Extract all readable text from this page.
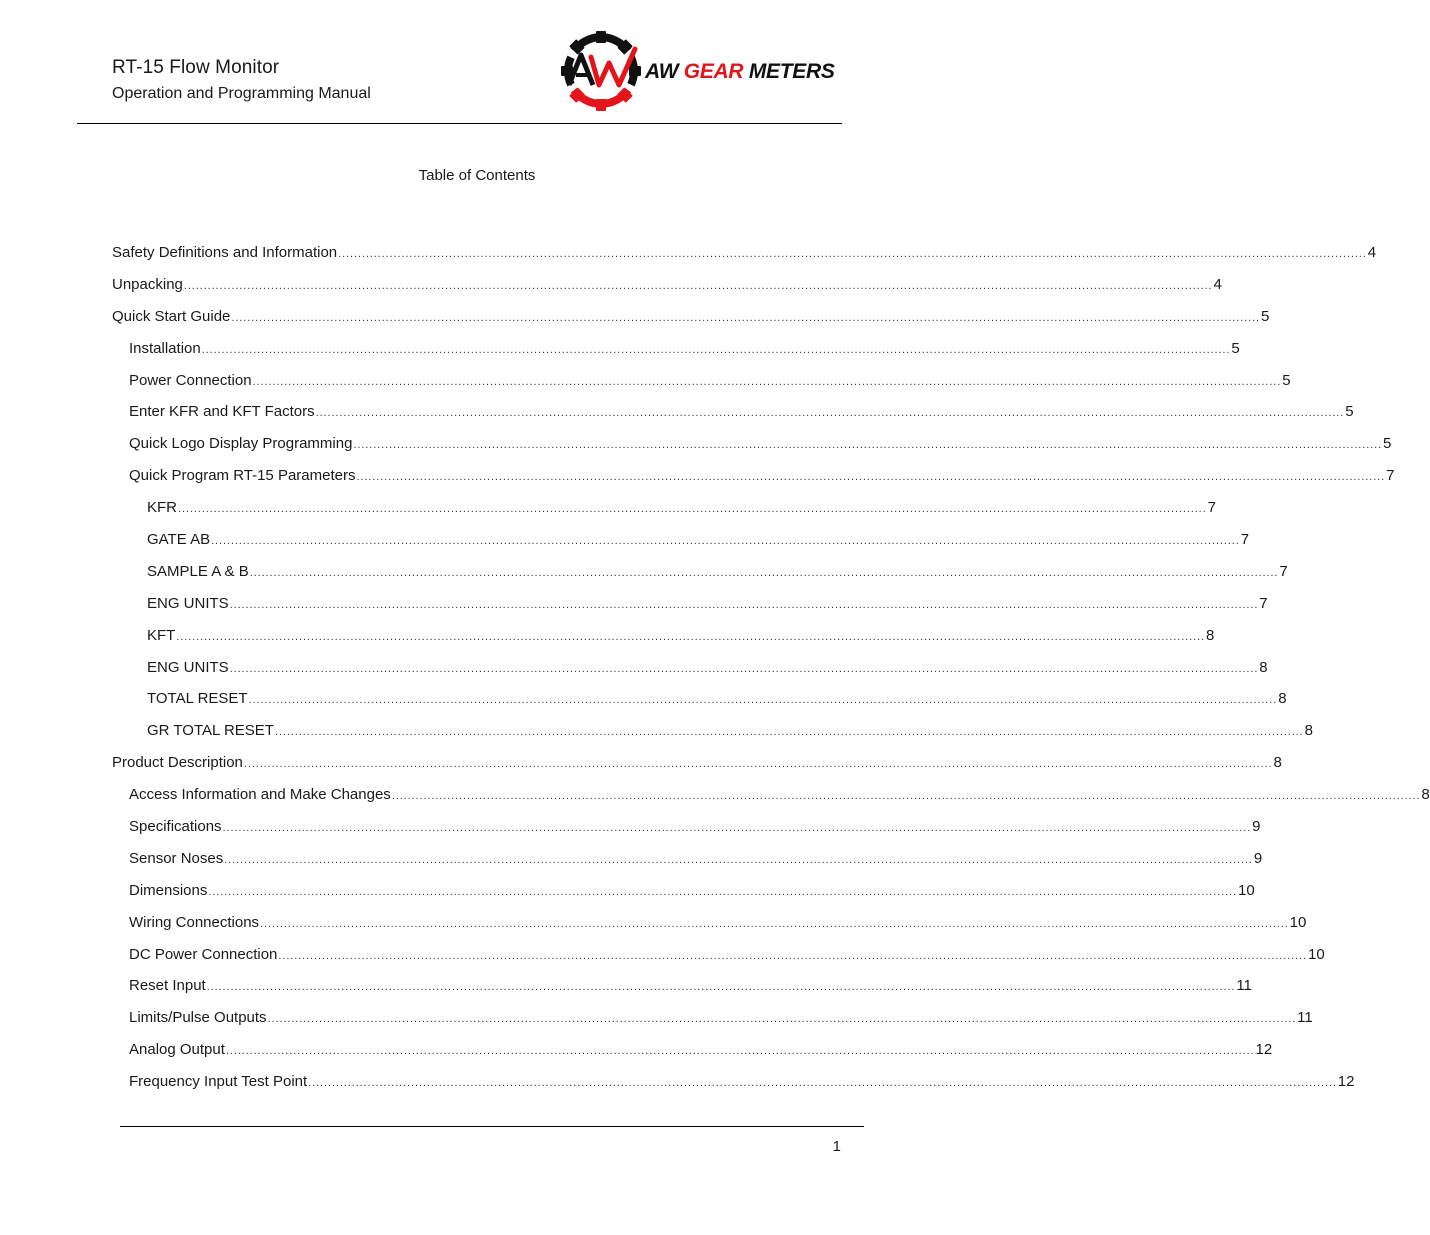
RT-15 Flow Monitor
Operation and Programming Manual
AW GEAR METERS
Table of Contents
Safety Definitions and Information .................................................................................................................................................................................................................................................................... 4
Unpacking .................................................................................................................................................................................................................................................................... 4
Quick Start Guide .................................................................................................................................................................................................................................................................... 5
Installation .................................................................................................................................................................................................................................................................... 5
Power Connection .................................................................................................................................................................................................................................................................... 5
Enter KFR and KFT Factors .................................................................................................................................................................................................................................................................... 5
Quick Logo Display Programming .................................................................................................................................................................................................................................................................... 5
Quick Program RT-15 Parameters .................................................................................................................................................................................................................................................................... 7
KFR .................................................................................................................................................................................................................................................................... 7
GATE AB .................................................................................................................................................................................................................................................................... 7
SAMPLE A & B .................................................................................................................................................................................................................................................................... 7
ENG UNITS .................................................................................................................................................................................................................................................................... 7
KFT .................................................................................................................................................................................................................................................................... 8
ENG UNITS .................................................................................................................................................................................................................................................................... 8
TOTAL RESET .................................................................................................................................................................................................................................................................... 8
GR TOTAL RESET .................................................................................................................................................................................................................................................................... 8
Product Description .................................................................................................................................................................................................................................................................... 8
Access Information and Make Changes .................................................................................................................................................................................................................................................................... 8
Specifications .................................................................................................................................................................................................................................................................... 9
Sensor Noses .................................................................................................................................................................................................................................................................... 9
Dimensions .................................................................................................................................................................................................................................................................... 10
Wiring Connections .................................................................................................................................................................................................................................................................... 10
DC Power Connection .................................................................................................................................................................................................................................................................... 10
Reset Input .................................................................................................................................................................................................................................................................... 11
Limits/Pulse Outputs .................................................................................................................................................................................................................................................................... 11
Analog Output .................................................................................................................................................................................................................................................................... 12
Frequency Input Test Point .................................................................................................................................................................................................................................................................... 12
1
